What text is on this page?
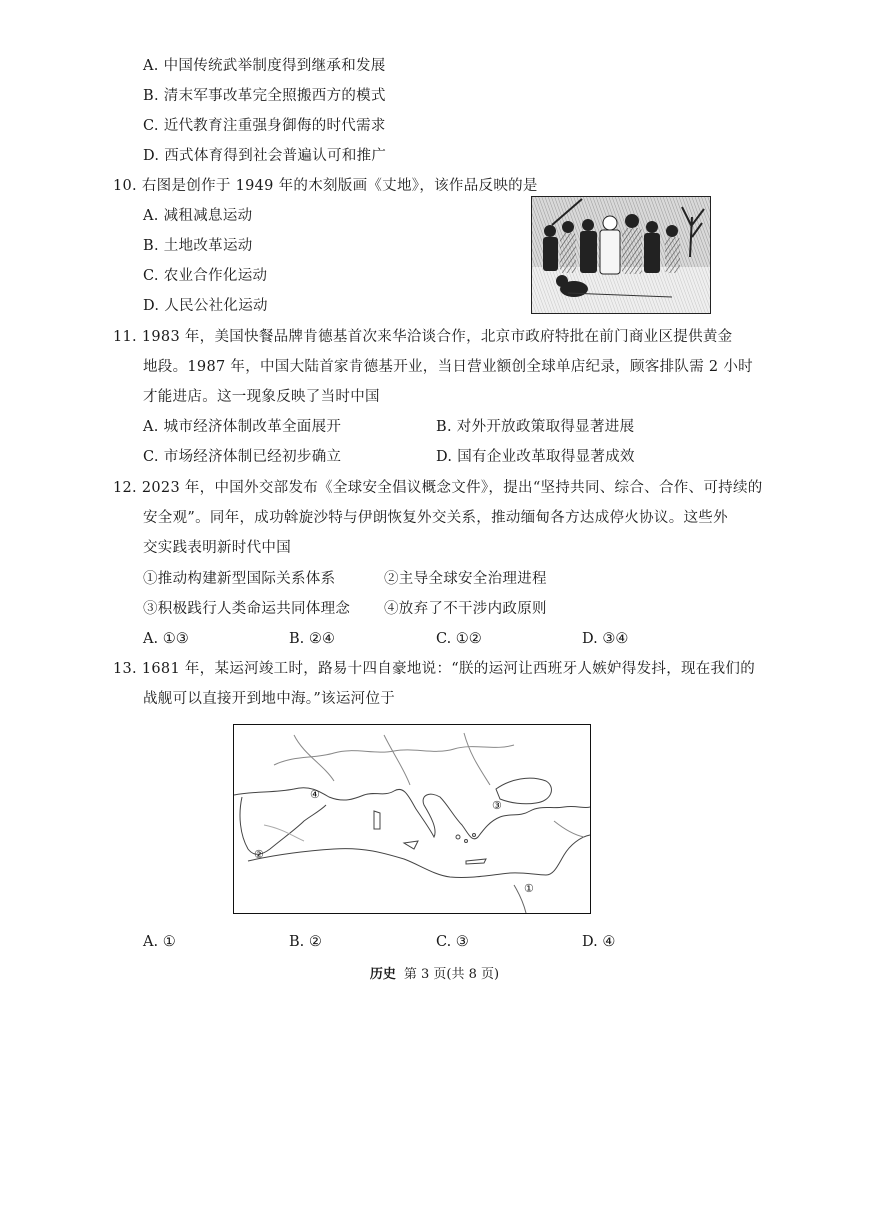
A. 中国传统武举制度得到继承和发展
B. 清末军事改革完全照搬西方的模式
C. 近代教育注重强身御侮的时代需求
D. 西式体育得到社会普遍认可和推广
10. 右图是创作于 1949 年的木刻版画《丈地》，该作品反映的是
A. 减租减息运动
B. 土地改革运动
C. 农业合作化运动
D. 人民公社化运动
11. 1983 年，美国快餐品牌肯德基首次来华洽谈合作，北京市政府特批在前门商业区提供黄金
地段。1987 年，中国大陆首家肯德基开业，当日营业额创全球单店纪录，顾客排队需 2 小时
才能进店。这一现象反映了当时中国
A. 城市经济体制改革全面展开	B. 对外开放政策取得显著进展
C. 市场经济体制已经初步确立	D. 国有企业改革取得显著成效
12. 2023 年，中国外交部发布《全球安全倡议概念文件》，提出“坚持共同、综合、合作、可持续的
安全观”。同年，成功斡旋沙特与伊朗恢复外交关系，推动缅甸各方达成停火协议。这些外
交实践表明新时代中国
①推动构建新型国际关系体系	②主导全球安全治理进程
③积极践行人类命运共同体理念 ④放弃了不干涉内政原则
A. ①③	B. ②④	C. ①②	D. ③④
13. 1681 年，某运河竣工时，路易十四自豪地说：“朕的运河让西班牙人嫉妒得发抖，现在我们的
战舰可以直接开到地中海。”该运河位于
①
②
③
④
A. ①	B. ②	C. ③	D. ④
历史 第 3 页(共 8 页)
